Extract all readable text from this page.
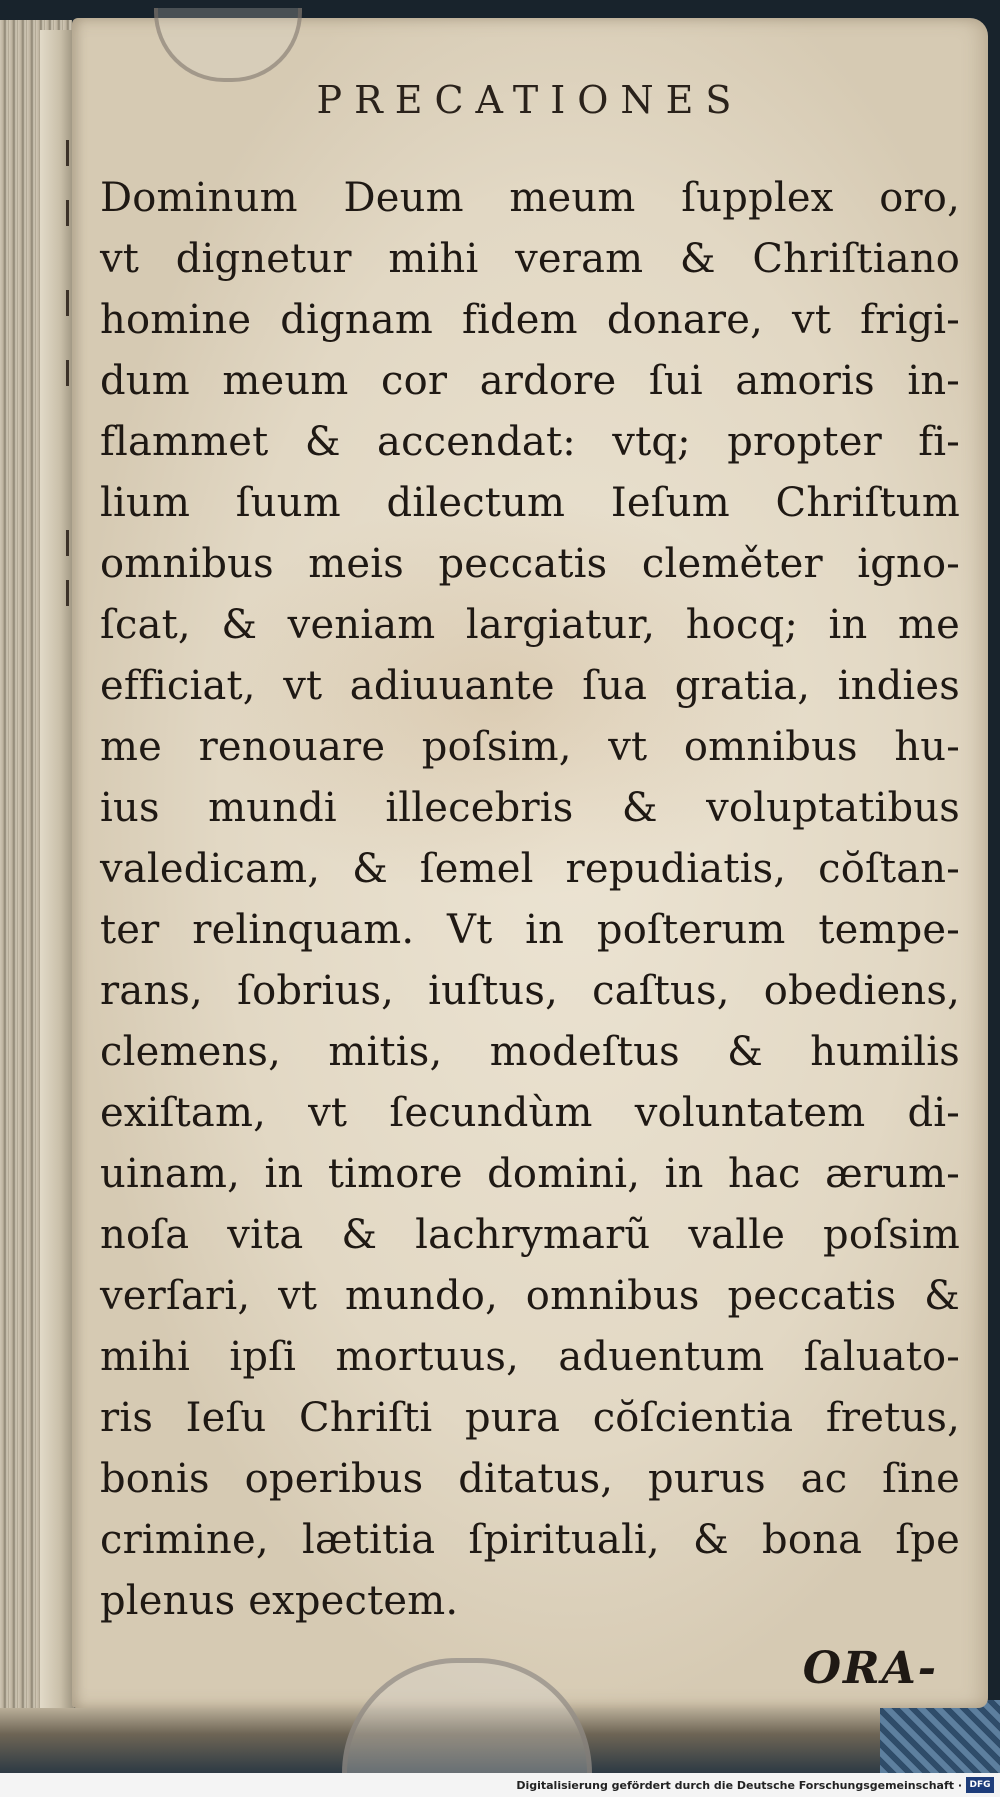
PRECATIONES
Dominum Deum meum ſupplex oro,
vt dignetur mihi veram & Chriſtiano
homine dignam fidem donare, vt frigi-
dum meum cor ardore ſui amoris in-
flammet & accendat: vtq; propter fi-
lium ſuum dilectum Ieſum Chriſtum
omnibus meis peccatis cleměter igno-
ſcat, & veniam largiatur, hocq; in me
efficiat, vt adiuuante ſua gratia, indies
me renouare poſsim, vt omnibus hu-
ius mundi illecebris & voluptatibus
valedicam, & ſemel repudiatis, cŏſtan-
ter relinquam. Vt in poſterum tempe-
rans, ſobrius, iuſtus, caſtus, obediens,
clemens, mitis, modeſtus & humilis
exiſtam, vt ſecundùm voluntatem di-
uinam, in timore domini, in hac ærum-
noſa vita & lachrymarũ valle poſsim
verſari, vt mundo, omnibus peccatis &
mihi ipſi mortuus, aduentum ſaluato-
ris Ieſu Chriſti pura cŏſcientia fretus,
bonis operibus ditatus, purus ac ſine
crimine, lætitia ſpirituali, & bona ſpe
plenus expectem.
ORA-
Digitalisierung gefördert durch die Deutsche Forschungsgemeinschaft · DFG
